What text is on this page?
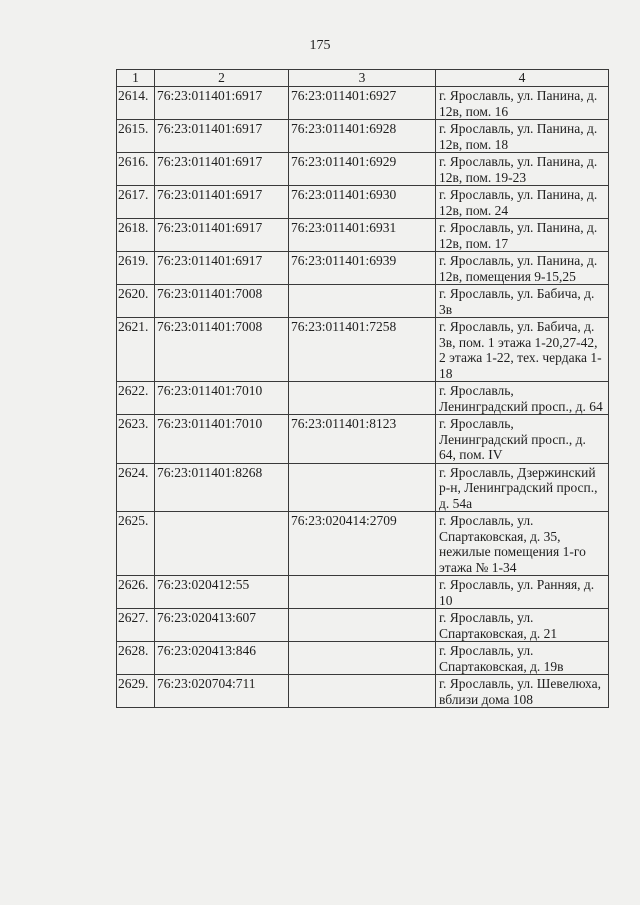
175
1	2	3	4
2614.	76:23:011401:6917	76:23:011401:6927	г. Ярославль, ул. Панина, д. 12в, пом. 16
2615.	76:23:011401:6917	76:23:011401:6928	г. Ярославль, ул. Панина, д. 12в, пом. 18
2616.	76:23:011401:6917	76:23:011401:6929	г. Ярославль, ул. Панина, д. 12в, пом. 19-23
2617.	76:23:011401:6917	76:23:011401:6930	г. Ярославль, ул. Панина, д. 12в, пом. 24
2618.	76:23:011401:6917	76:23:011401:6931	г. Ярославль, ул. Панина, д. 12в, пом. 17
2619.	76:23:011401:6917	76:23:011401:6939	г. Ярославль, ул. Панина, д. 12в, помещения 9-15,25
2620.	76:23:011401:7008		г. Ярославль, ул. Бабича, д. 3в
2621.	76:23:011401:7008	76:23:011401:7258	г. Ярославль, ул. Бабича, д. 3в, пом. 1 этажа 1-20,27-42, 2 этажа 1-22, тех. чердака 1-18
2622.	76:23:011401:7010		г. Ярославль, Ленинградский просп., д. 64
2623.	76:23:011401:7010	76:23:011401:8123	г. Ярославль, Ленинградский просп., д. 64, пом. IV
2624.	76:23:011401:8268		г. Ярославль, Дзержинский р-н, Ленинградский просп., д. 54а
2625.		76:23:020414:2709	г. Ярославль, ул. Спартаковская, д. 35, нежилые помещения 1-го этажа № 1-34
2626.	76:23:020412:55		г. Ярославль, ул. Ранняя, д. 10
2627.	76:23:020413:607		г. Ярославль, ул. Спартаковская, д. 21
2628.	76:23:020413:846		г. Ярославль, ул. Спартаковская, д. 19в
2629.	76:23:020704:711		г. Ярославль, ул. Шевелюха, вблизи дома 108
